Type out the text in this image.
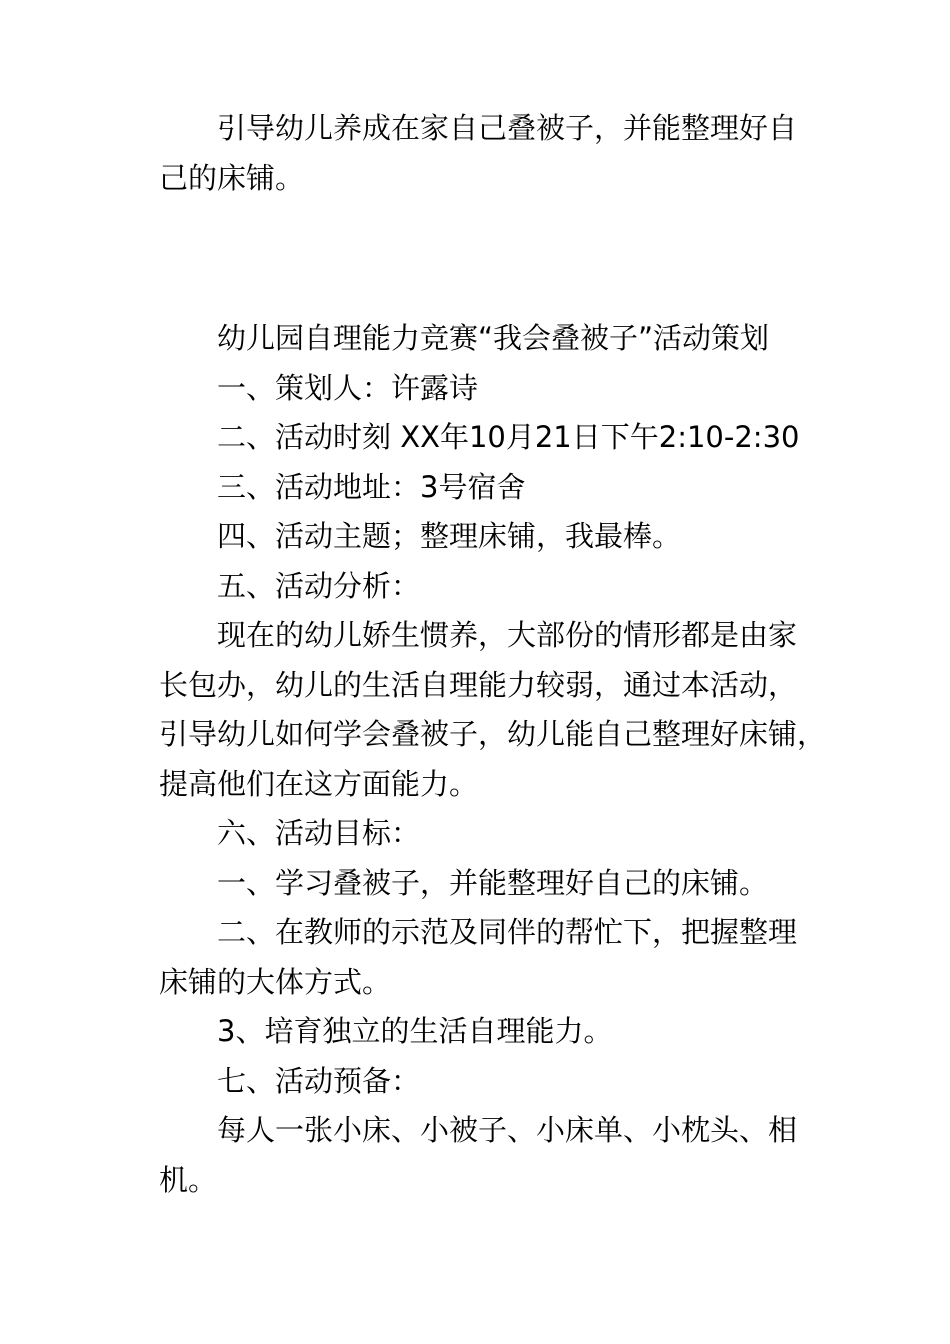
引导幼儿养成在家自己叠被子，并能整理好自
己的床铺。
幼儿园自理能力竞赛“我会叠被子”活动策划
一、策划人：许露诗
二、活动时刻 XX年10月21日下午2:10-2:30
三、活动地址：3号宿舍
四、活动主题；整理床铺，我最棒。
五、活动分析：
现在的幼儿娇生惯养，大部份的情形都是由家
长包办，幼儿的生活自理能力较弱，通过本活动，
引导幼儿如何学会叠被子，幼儿能自己整理好床铺，
提高他们在这方面能力。
六、活动目标：
一、学习叠被子，并能整理好自己的床铺。
二、在教师的示范及同伴的帮忙下，把握整理
床铺的大体方式。
3、培育独立的生活自理能力。
七、活动预备：
每人一张小床、小被子、小床单、小枕头、相
机。
